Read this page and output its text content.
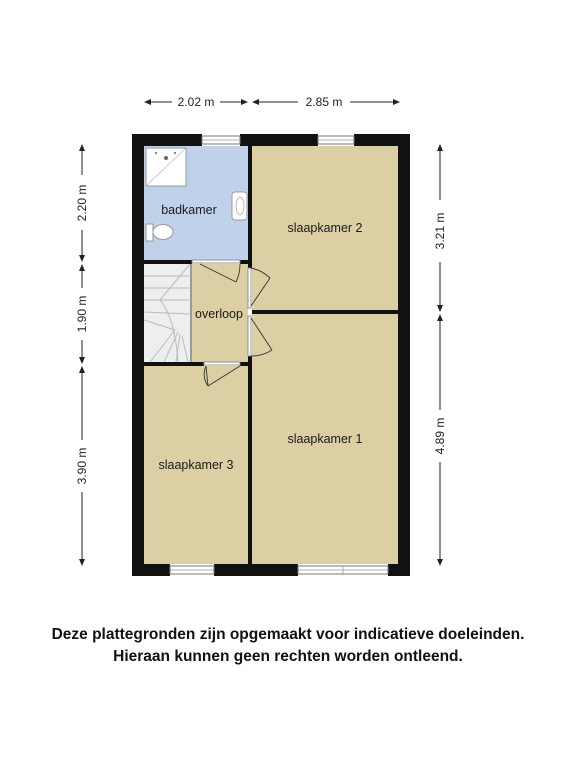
2.02 m	2.85 m
2.20 m
1.90 m
3.90 m
3.21 m
4.89 m
badkamer
slaapkamer 2
overloop
slaapkamer 1
slaapkamer 3
Deze plattegronden zijn opgemaakt voor indicatieve doeleinden.
Hieraan kunnen geen rechten worden ontleend.
